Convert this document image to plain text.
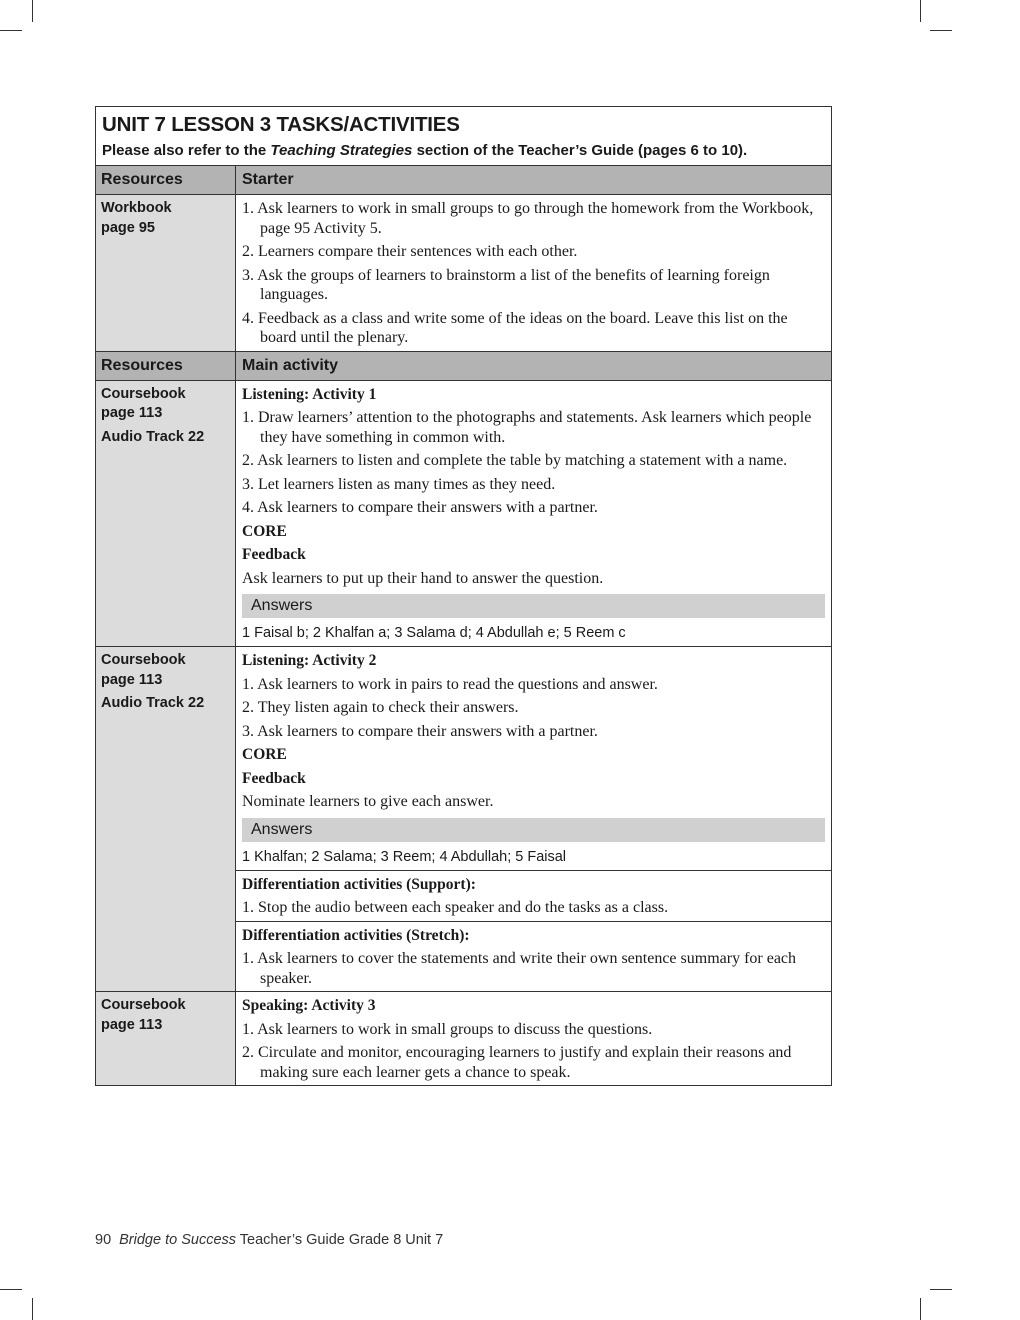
UNIT 7 LESSON 3 TASKS/ACTIVITIES
Please also refer to the Teaching Strategies section of the Teacher’s Guide (pages 6 to 10).
Resources	Starter
Workbook
page 95
1. Ask learners to work in small groups to go through the homework from the Workbook, page 95 Activity 5.
2. Learners compare their sentences with each other.
3. Ask the groups of learners to brainstorm a list of the benefits of learning foreign languages.
4. Feedback as a class and write some of the ideas on the board. Leave this list on the board until the plenary.
Resources	Main activity
Coursebook
page 113
Audio Track 22
Listening: Activity 1
1. Draw learners’ attention to the photographs and statements. Ask learners which people they have something in common with.
2. Ask learners to listen and complete the table by matching a statement with a name.
3. Let learners listen as many times as they need.
4. Ask learners to compare their answers with a partner.
CORE
Feedback
Ask learners to put up their hand to answer the question.
Answers
1 Faisal b; 2 Khalfan a; 3 Salama d; 4 Abdullah e; 5 Reem c
Coursebook
page 113
Audio Track 22
Listening: Activity 2
1. Ask learners to work in pairs to read the questions and answer.
2. They listen again to check their answers.
3. Ask learners to compare their answers with a partner.
CORE
Feedback
Nominate learners to give each answer.
Answers
1 Khalfan; 2 Salama; 3 Reem; 4 Abdullah; 5 Faisal
Differentiation activities (Support):
1. Stop the audio between each speaker and do the tasks as a class.
Differentiation activities (Stretch):
1. Ask learners to cover the statements and write their own sentence summary for each speaker.
Coursebook
page 113
Speaking: Activity 3
1. Ask learners to work in small groups to discuss the questions.
2. Circulate and monitor, encouraging learners to justify and explain their reasons and making sure each learner gets a chance to speak.
90 Bridge to Success Teacher’s Guide Grade 8 Unit 7
